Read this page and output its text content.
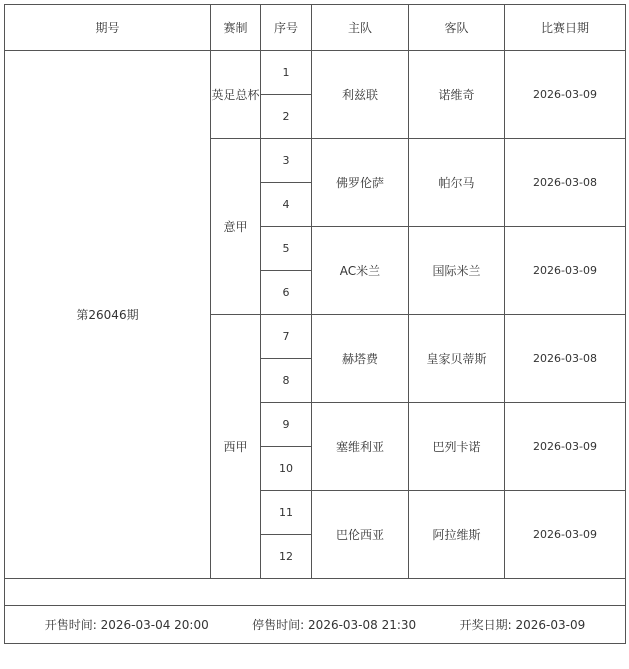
期号	赛制	序号	主队	客队	比赛日期
第26046期	英足总杯	1	利兹联	诺维奇	2026-03-09
		2			
	意甲	3	佛罗伦萨	帕尔马	2026-03-08
		4			
		5	AC米兰	国际米兰	2026-03-09
		6			
	西甲	7	赫塔费	皇家贝蒂斯	2026-03-08
		8			
		9	塞维利亚	巴列卡诺	2026-03-09
		10			
		11	巴伦西亚	阿拉维斯	2026-03-09
		12			

开售时间: 2026-03-04 20:00 停售时间: 2026-03-08 21:30 开奖日期: 2026-03-09					
